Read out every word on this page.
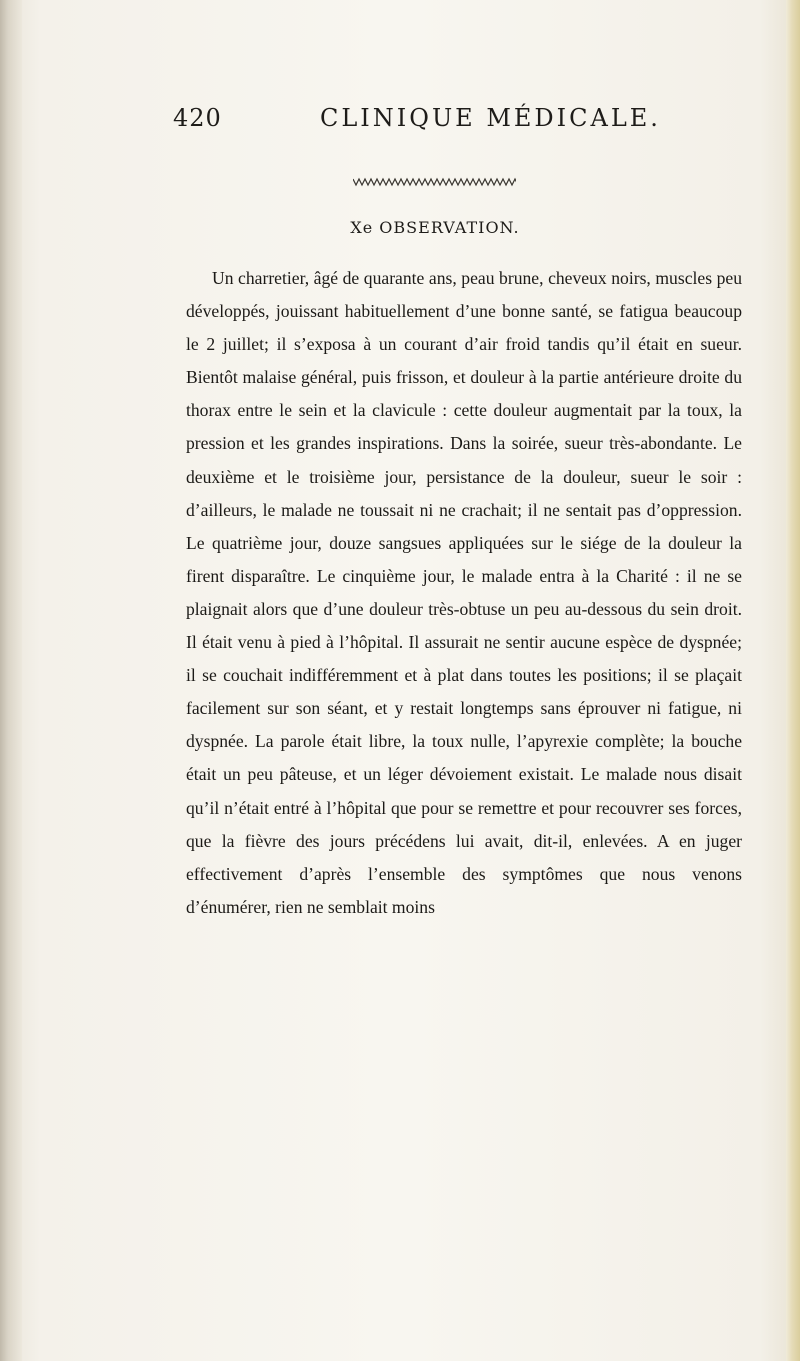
420	CLINIQUE MÉDICALE.
Xe OBSERVATION.

Un charretier, âgé de quarante ans, peau brune, cheveux noirs, muscles peu développés, jouissant habituellement d’une bonne santé, se fatigua beaucoup le 2 juillet; il s’exposa à un courant d’air froid tandis qu’il était en sueur. Bientôt malaise général, puis frisson, et douleur à la partie antérieure droite du thorax entre le sein et la clavicule : cette douleur augmentait par la toux, la pression et les grandes inspirations. Dans la soirée, sueur très-abondante. Le deuxième et le troisième jour, persistance de la douleur, sueur le soir : d’ailleurs, le malade ne toussait ni ne crachait; il ne sentait pas d’oppression. Le quatrième jour, douze sangsues appliquées sur le siége de la douleur la firent disparaître. Le cinquième jour, le malade entra à la Charité : il ne se plaignait alors que d’une douleur très-obtuse un peu au-dessous du sein droit. Il était venu à pied à l’hôpital. Il assurait ne sentir aucune espèce de dyspnée; il se couchait indifféremment et à plat dans toutes les positions; il se plaçait facilement sur son séant, et y restait longtemps sans éprouver ni fatigue, ni dyspnée. La parole était libre, la toux nulle, l’apyrexie complète; la bouche était un peu pâteuse, et un léger dévoiement existait. Le malade nous disait qu’il n’était entré à l’hôpital que pour se remettre et pour recouvrer ses forces, que la fièvre des jours précédens lui avait, dit-il, enlevées. A en juger effectivement d’après l’ensemble des symptômes que nous venons d’énumérer, rien ne semblait moins
